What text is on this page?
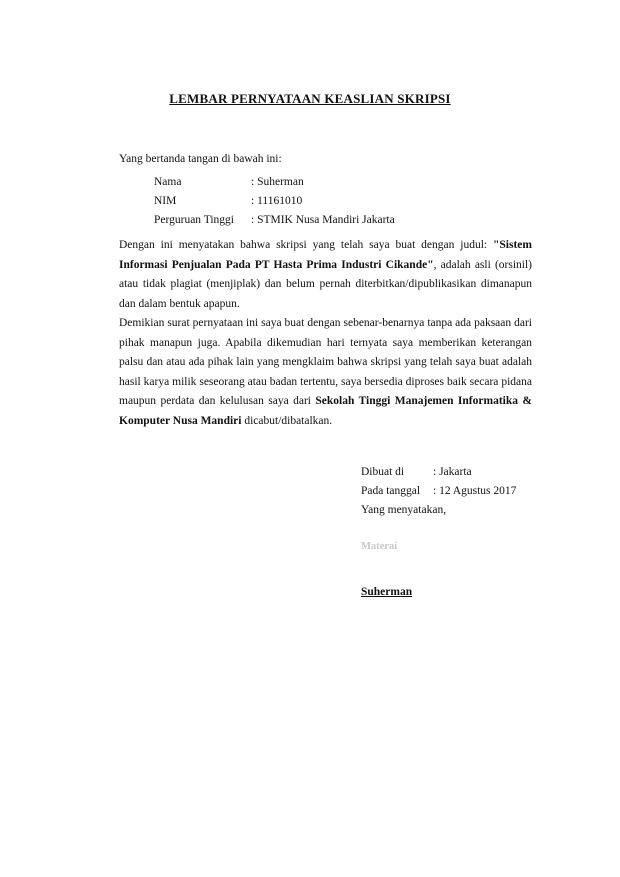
LEMBAR PERNYATAAN KEASLIAN SKRIPSI
Yang bertanda tangan di bawah ini:
Nama	: Suherman
NIM	: 11161010
Perguruan Tinggi	: STMIK Nusa Mandiri Jakarta
Dengan ini menyatakan bahwa skripsi yang telah saya buat dengan judul: "Sistem Informasi Penjualan Pada PT Hasta Prima Industri Cikande", adalah asli (orsinil) atau tidak plagiat (menjiplak) dan belum pernah diterbitkan/dipublikasikan dimanapun dan dalam bentuk apapun.
Demikian surat pernyataan ini saya buat dengan sebenar-benarnya tanpa ada paksaan dari pihak manapun juga. Apabila dikemudian hari ternyata saya memberikan keterangan palsu dan atau ada pihak lain yang mengklaim bahwa skripsi yang telah saya buat adalah hasil karya milik seseorang atau badan tertentu, saya bersedia diproses baik secara pidana maupun perdata dan kelulusan saya dari Sekolah Tinggi Manajemen Informatika & Komputer Nusa Mandiri dicabut/dibatalkan.
Dibuat di	: Jakarta
Pada tanggal	: 12 Agustus 2017
Yang menyatakan,
Materai
Suherman
